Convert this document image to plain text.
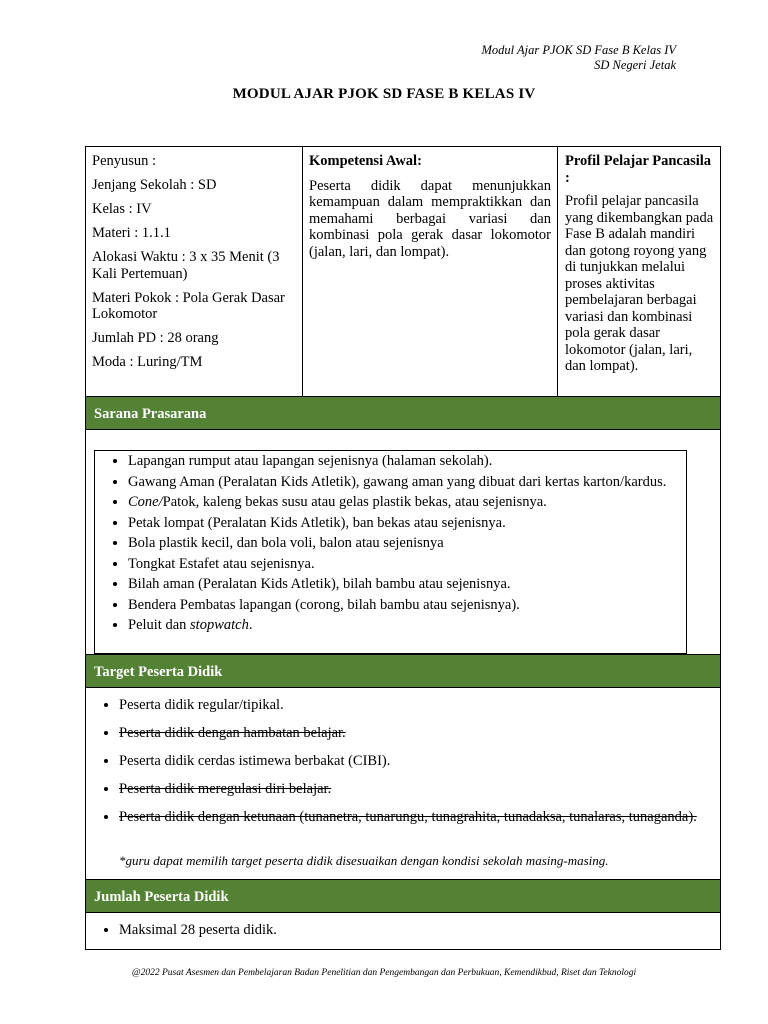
Modul Ajar PJOK SD Fase B Kelas IV
SD Negeri Jetak
MODUL AJAR PJOK SD FASE B KELAS IV

Penyusun :

Jenjang Sekolah : SD

Kelas : IV

Materi : 1.1.1

Alokasi Waktu : 3 x 35 Menit (3 Kali Pertemuan)

Materi Pokok : Pola Gerak Dasar Lokomotor

Jumlah PD : 28 orang

Moda : Luring/TM

Kompetensi Awal:
Peserta didik dapat menunjukkan kemampuan dalam mempraktikkan dan memahami berbagai variasi dan kombinasi pola gerak dasar lokomotor (jalan, lari, dan lompat).
Profil Pelajar Pancasila :
Profil pelajar pancasila yang dikembangkan pada Fase B adalah mandiri dan gotong royong yang di tunjukkan melalui proses aktivitas pembelajaran berbagai variasi dan kombinasi pola gerak dasar lokomotor (jalan, lari, dan lompat).
Sarana Prasarana
• Lapangan rumput atau lapangan sejenisnya (halaman sekolah).
• Gawang Aman (Peralatan Kids Atletik), gawang aman yang dibuat dari kertas karton/kardus.
• Cone/Patok, kaleng bekas susu atau gelas plastik bekas, atau sejenisnya.
• Petak lompat (Peralatan Kids Atletik), ban bekas atau sejenisnya.
• Bola plastik kecil, dan bola voli, balon atau sejenisnya
• Tongkat Estafet atau sejenisnya.
• Bilah aman (Peralatan Kids Atletik), bilah bambu atau sejenisnya.
• Bendera Pembatas lapangan (corong, bilah bambu atau sejenisnya).
• Peluit dan stopwatch.
Target Peserta Didik
• Peserta didik regular/tipikal.
• Peserta didik dengan hambatan belajar.
• Peserta didik cerdas istimewa berbakat (CIBI).
• Peserta didik meregulasi diri belajar.
• Peserta didik dengan ketunaan (tunanetra, tunarungu, tunagrahita, tunadaksa, tunalaras, tunaganda).
*guru dapat memilih target peserta didik disesuaikan dengan kondisi sekolah masing-masing.
Jumlah Peserta Didik
• Maksimal 28 peserta didik.
@2022 Pusat Asesmen dan Pembelajaran Badan Penelitian dan Pengembangan dan Perbukuan, Kemendikbud, Riset dan Teknologi
